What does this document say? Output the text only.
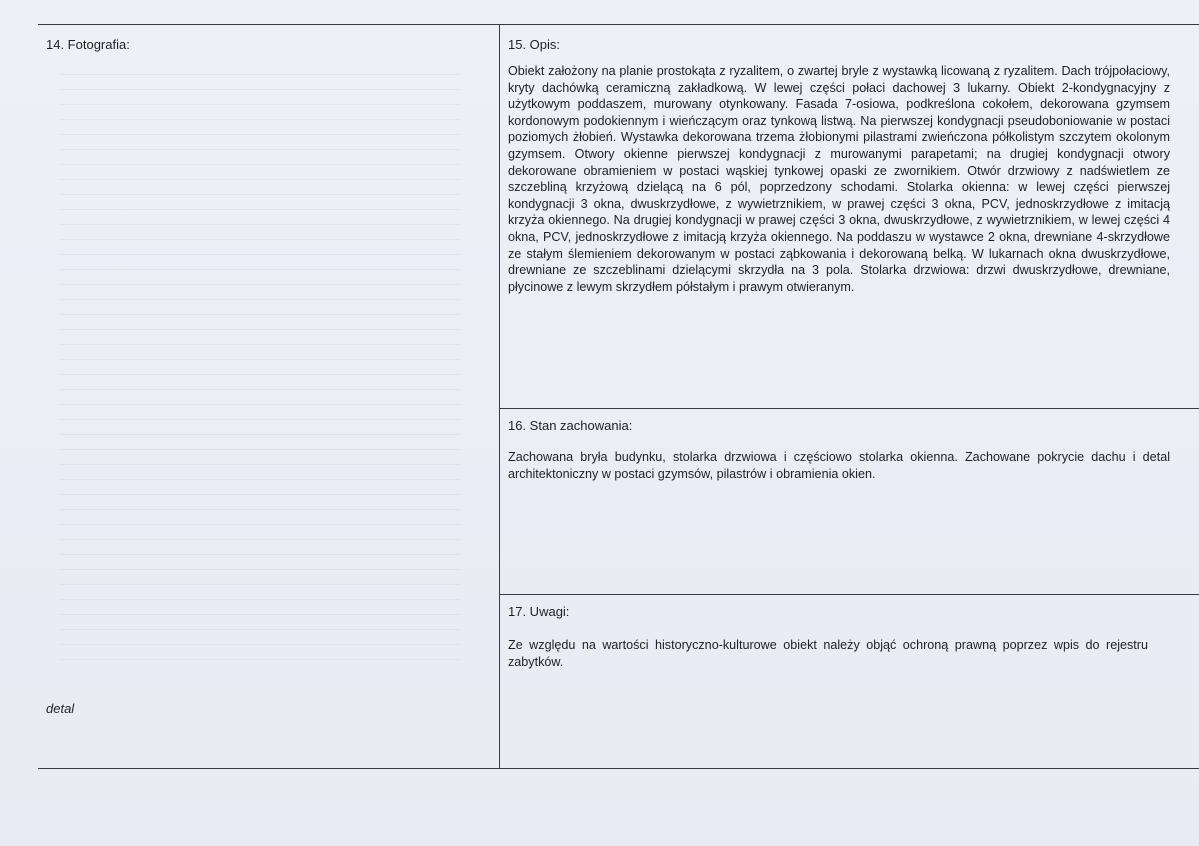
14. Fotografia:
detal
15. Opis:
Obiekt założony na planie prostokąta z ryzalitem, o zwartej bryle z wystawką licowaną z ryzalitem. Dach trójpołaciowy, kryty dachówką ceramiczną zakładkową. W lewej części połaci dachowej 3 lukarny. Obiekt 2-kondygnacyjny z użytkowym poddaszem, murowany otynkowany. Fasada 7-osiowa, podkreślona cokołem, dekorowana gzymsem kordonowym podokiennym i wieńczącym oraz tynkową listwą. Na pierwszej kondygnacji pseudoboniowanie w postaci poziomych żłobień. Wystawka dekorowana trzema żłobionymi pilastrami zwieńczona półkolistym szczytem okolonym gzymsem. Otwory okienne pierwszej kondygnacji z murowanymi parapetami; na drugiej kondygnacji otwory dekorowane obramieniem w postaci wąskiej tynkowej opaski ze zwornikiem. Otwór drzwiowy z nadświetlem ze szczebliną krzyżową dzielącą na 6 pól, poprzedzony schodami. Stolarka okienna: w lewej części pierwszej kondygnacji 3 okna, dwuskrzydłowe, z wywietrznikiem, w prawej części 3 okna, PCV, jednoskrzydłowe z imitacją krzyża okiennego. Na drugiej kondygnacji w prawej części 3 okna, dwuskrzydłowe, z wywietrznikiem, w lewej części 4 okna, PCV, jednoskrzydłowe z imitacją krzyża okiennego. Na poddaszu w wystawce 2 okna, drewniane 4-skrzydłowe ze stałym ślemieniem dekorowanym w postaci ząbkowania i dekorowaną belką. W lukarnach okna dwuskrzydłowe, drewniane ze szczeblinami dzielącymi skrzydła na 3 pola. Stolarka drzwiowa: drzwi dwuskrzydłowe, drewniane, płycinowe z lewym skrzydłem półstałym i prawym otwieranym.
16. Stan zachowania:
Zachowana bryła budynku, stolarka drzwiowa i częściowo stolarka okienna. Zachowane pokrycie dachu i detal architektoniczny w postaci gzymsów, pilastrów i obramienia okien.
17. Uwagi:
Ze względu na wartości historyczno-kulturowe obiekt należy objąć ochroną prawną poprzez wpis do rejestru zabytków.
